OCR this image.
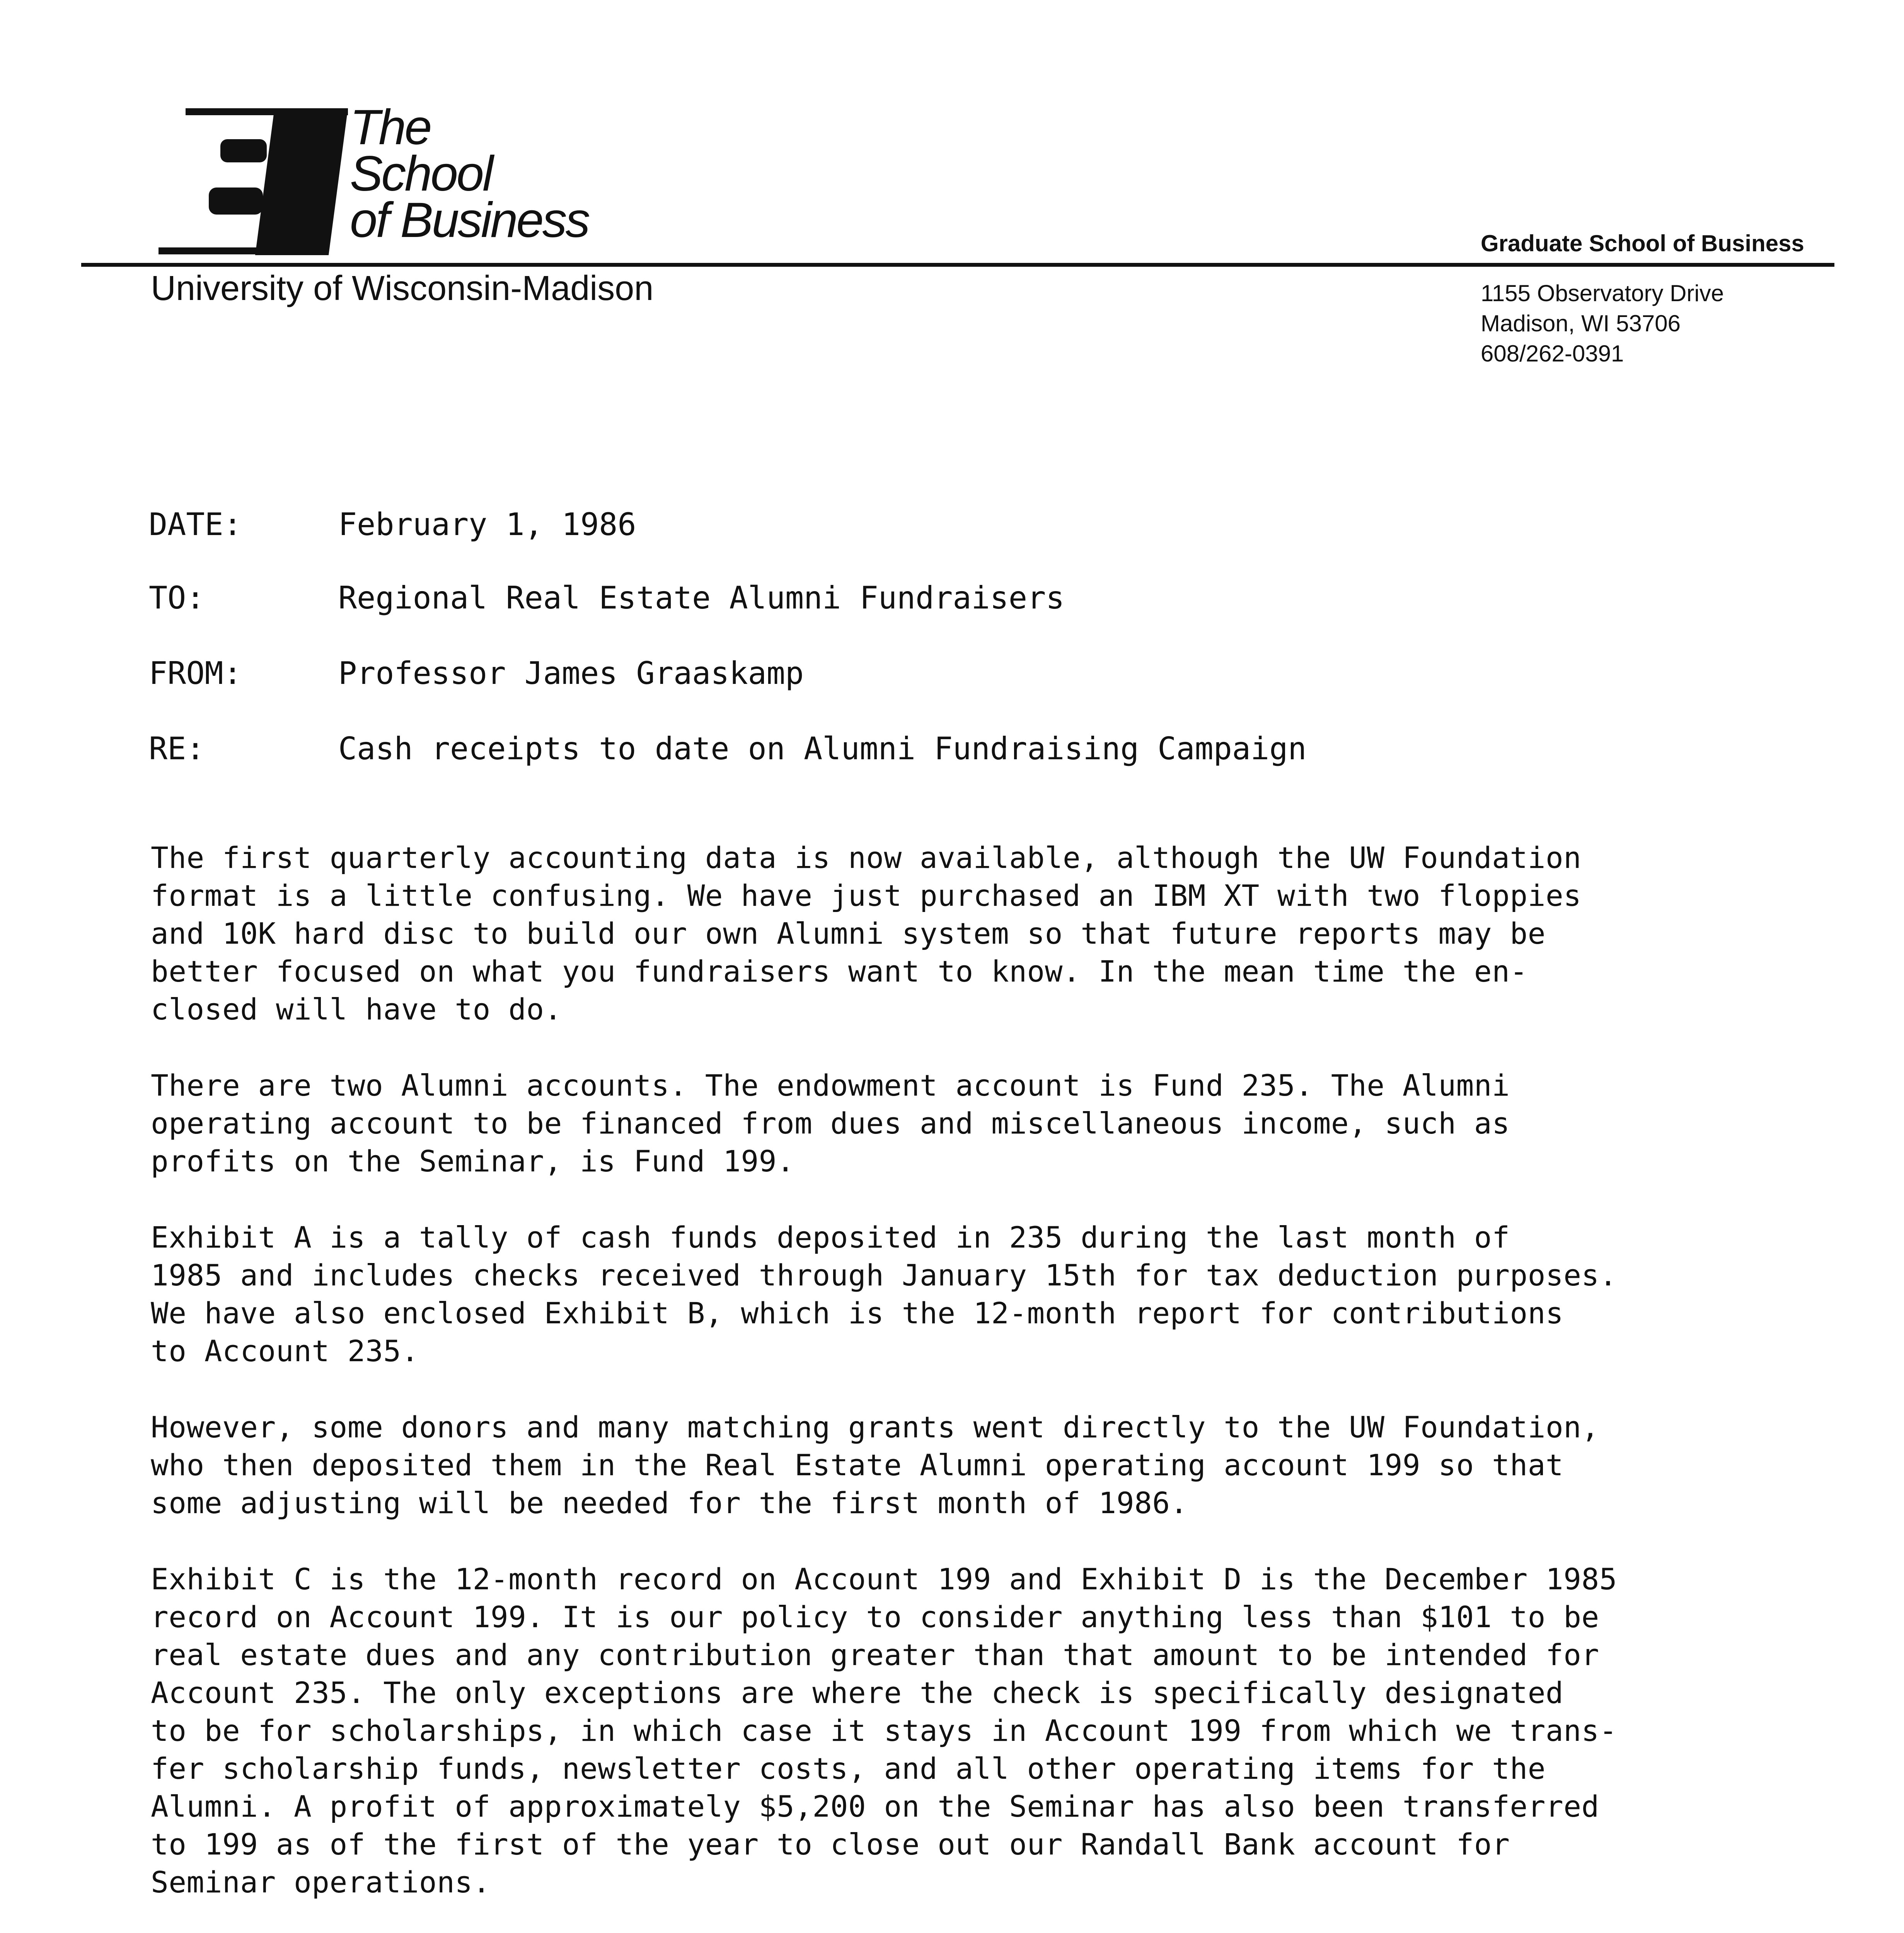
The
School
of Business
University of Wisconsin-Madison
Graduate School of Business
1155 Observatory Drive
Madison, WI 53706
608/262-0391
DATE:	February 1, 1986
TO:	Regional Real Estate Alumni Fundraisers
FROM:	Professor James Graaskamp
RE:	Cash receipts to date on Alumni Fundraising Campaign

The first quarterly accounting data is now available, although the UW Foundation
format is a little confusing. We have just purchased an IBM XT with two floppies
and 10K hard disc to build our own Alumni system so that future reports may be
better focused on what you fundraisers want to know. In the mean time the en-
closed will have to do.

There are two Alumni accounts. The endowment account is Fund 235. The Alumni
operating account to be financed from dues and miscellaneous income, such as
profits on the Seminar, is Fund 199.

Exhibit A is a tally of cash funds deposited in 235 during the last month of
1985 and includes checks received through January 15th for tax deduction purposes.
We have also enclosed Exhibit B, which is the 12-month report for contributions
to Account 235.

However, some donors and many matching grants went directly to the UW Foundation,
who then deposited them in the Real Estate Alumni operating account 199 so that
some adjusting will be needed for the first month of 1986.

Exhibit C is the 12-month record on Account 199 and Exhibit D is the December 1985
record on Account 199. It is our policy to consider anything less than $101 to be
real estate dues and any contribution greater than that amount to be intended for
Account 235. The only exceptions are where the check is specifically designated
to be for scholarships, in which case it stays in Account 199 from which we trans-
fer scholarship funds, newsletter costs, and all other operating items for the
Alumni. A profit of approximately $5,200 on the Seminar has also been transferred
to 199 as of the first of the year to close out our Randall Bank account for
Seminar operations.
